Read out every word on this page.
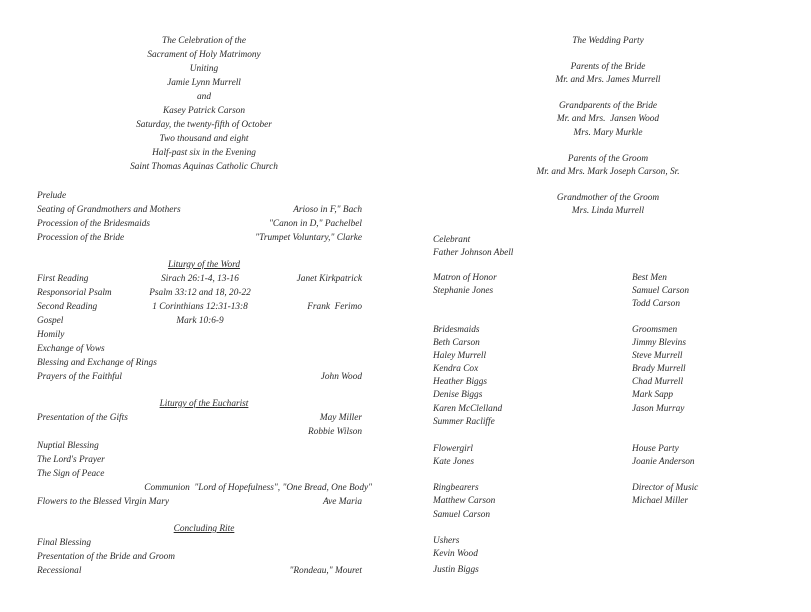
The Celebration of the
Sacrament of Holy Matrimony
Uniting
Jamie Lynn Murrell
and
Kasey Patrick Carson
Saturday, the twenty-fifth of October
Two thousand and eight
Half-past six in the Evening
Saint Thomas Aquinas Catholic Church
Prelude
Seating of Grandmothers and Mothers	Arioso in F," Bach
Procession of the Bridesmaids	"Canon in D," Pachelbel
Procession of the Bride	"Trumpet Voluntary," Clarke
Liturgy of the Word
First Reading	Sirach 26:1-4, 13-16	Janet Kirkpatrick
Responsorial Psalm	Psalm 33:12 and 18, 20-22
Second Reading	1 Corinthians 12:31-13:8	Frank  Ferimo
Gospel	Mark 10:6-9
Homily
Exchange of Vows
Blessing and Exchange of Rings
Prayers of the Faithful	John Wood
Liturgy of the Eucharist
Presentation of the Gifts	May Miller
Robbie Wilson
Nuptial Blessing
The Lord's Prayer
The Sign of Peace
Communion  "Lord of Hopefulness", "One Bread, One Body"
Flowers to the Blessed Virgin Mary	Ave Maria
Concluding Rite
Final Blessing
Presentation of the Bride and Groom
Recessional	"Rondeau," Mouret
The Wedding Party
Parents of the Bride
Mr. and Mrs. James Murrell
Grandparents of the Bride
Mr. and Mrs.  Jansen Wood
Mrs. Mary Murkle
Parents of the Groom
Mr. and Mrs. Mark Joseph Carson, Sr.
Grandmother of the Groom
Mrs. Linda Murrell
Celebrant
Father Johnson Abell
Matron of Honor
Stephanie Jones
Best Men
Samuel Carson
Todd Carson
Bridesmaids
Beth Carson
Haley Murrell
Kendra Cox
Heather Biggs
Denise Biggs
Karen McClelland
Summer Racliffe
Groomsmen
Jimmy Blevins
Steve Murrell
Brady Murrell
Chad Murrell
Mark Sapp
Jason Murray
Flowergirl
Kate Jones
House Party
Joanie Anderson
Ringbearers
Matthew Carson
Samuel Carson
Director of Music
Michael Miller
Ushers
Kevin Wood
Justin Biggs
